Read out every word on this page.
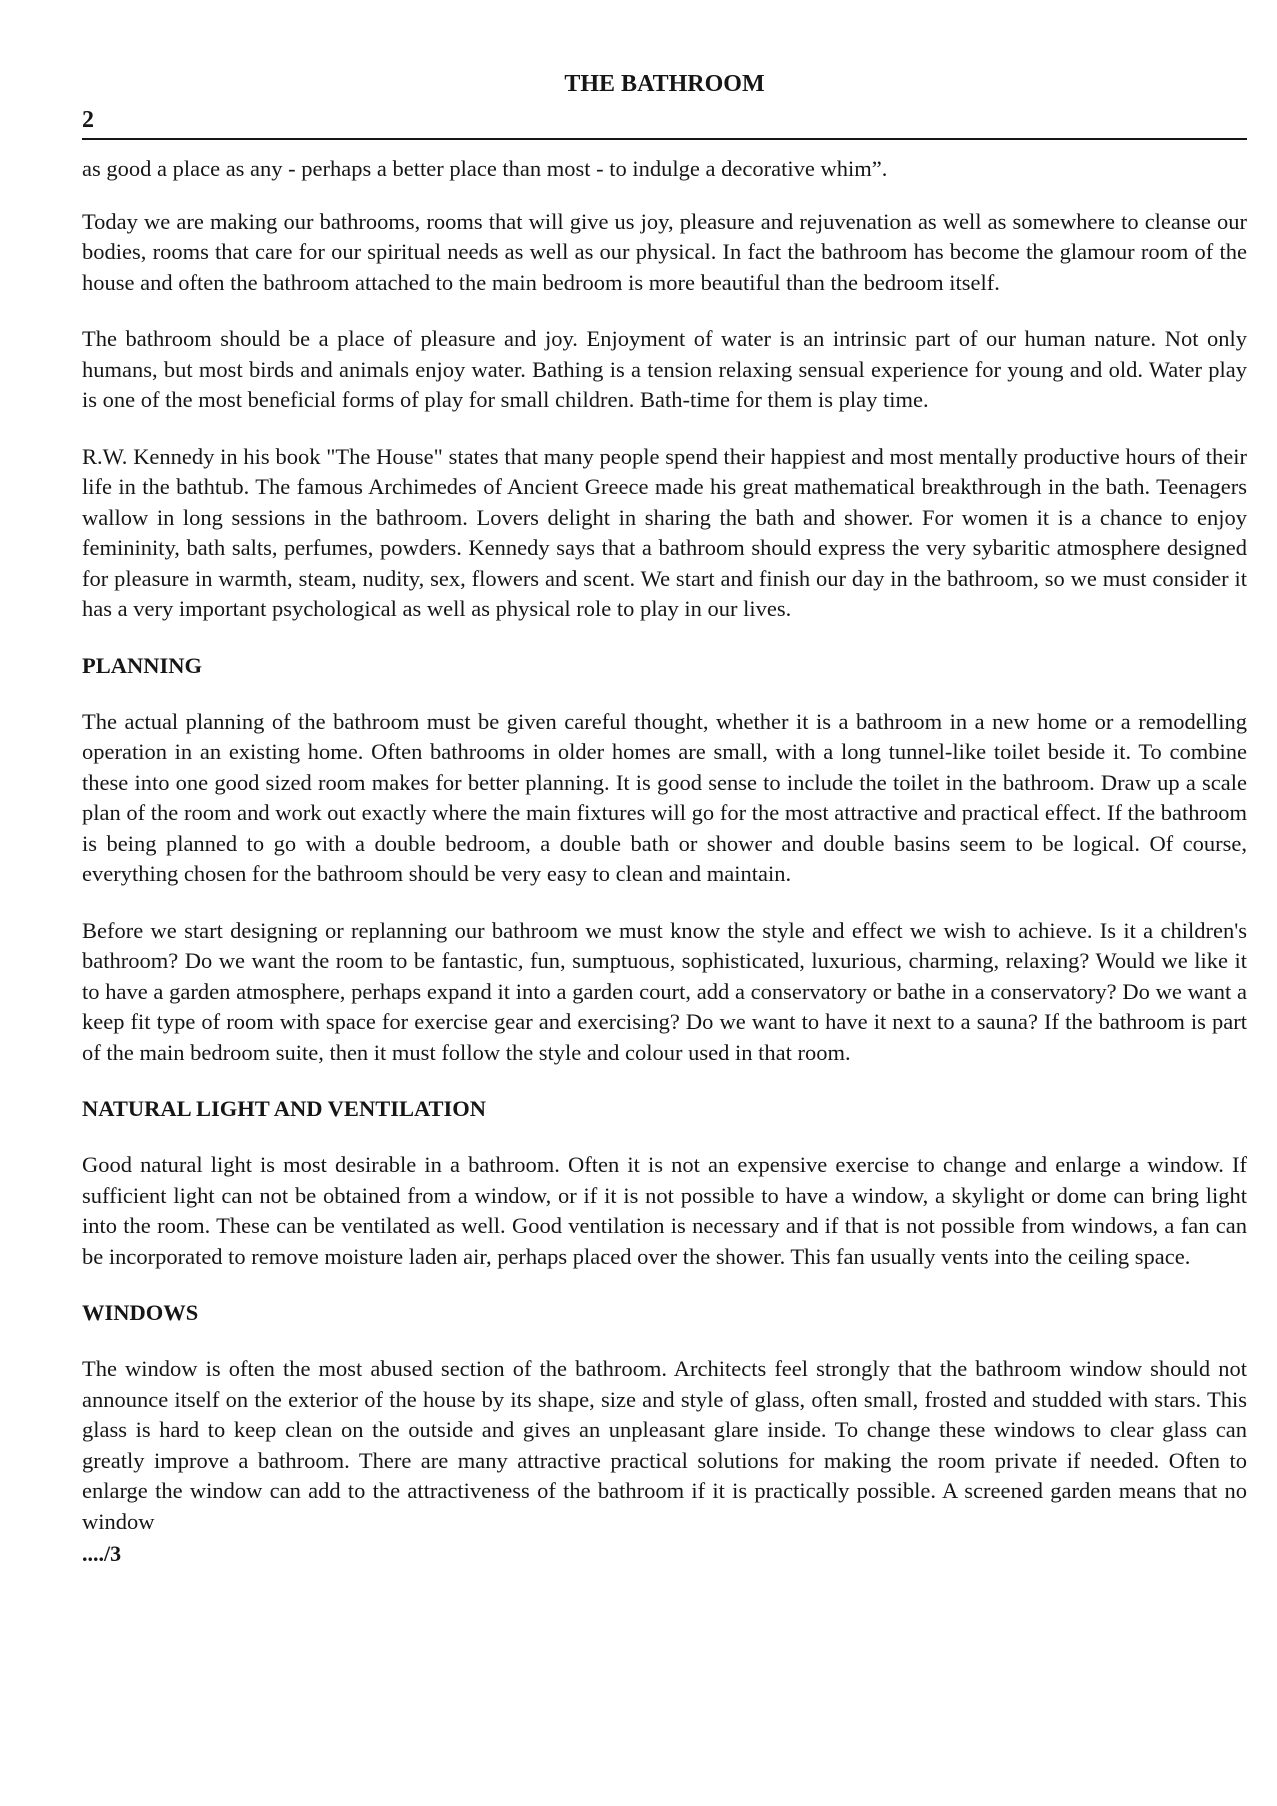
THE BATHROOM
2

as good a place as any - perhaps a better place than most - to indulge a decorative whim”.

Today we are making our bathrooms, rooms that will give us joy, pleasure and rejuvenation as well as somewhere to cleanse our bodies, rooms that care for our spiritual needs as well as our physical. In fact the bathroom has become the glamour room of the house and often the bathroom attached to the main bedroom is more beautiful than the bedroom itself.

The bathroom should be a place of pleasure and joy. Enjoyment of water is an intrinsic part of our human nature. Not only humans, but most birds and animals enjoy water. Bathing is a tension relaxing sensual experience for young and old. Water play is one of the most beneficial forms of play for small children. Bath-time for them is play time.

R.W. Kennedy in his book "The House" states that many people spend their happiest and most mentally productive hours of their life in the bathtub. The famous Archimedes of Ancient Greece made his great mathematical breakthrough in the bath. Teenagers wallow in long sessions in the bathroom. Lovers delight in sharing the bath and shower. For women it is a chance to enjoy femininity, bath salts, perfumes, powders. Kennedy says that a bathroom should express the very sybaritic atmosphere designed for pleasure in warmth, steam, nudity, sex, flowers and scent. We start and finish our day in the bathroom, so we must consider it has a very important psychological as well as physical role to play in our lives.

PLANNING

The actual planning of the bathroom must be given careful thought, whether it is a bathroom in a new home or a remodelling operation in an existing home. Often bathrooms in older homes are small, with a long tunnel-like toilet beside it. To combine these into one good sized room makes for better planning. It is good sense to include the toilet in the bathroom. Draw up a scale plan of the room and work out exactly where the main fixtures will go for the most attractive and practical effect. If the bathroom is being planned to go with a double bedroom, a double bath or shower and double basins seem to be logical. Of course, everything chosen for the bathroom should be very easy to clean and maintain.

Before we start designing or replanning our bathroom we must know the style and effect we wish to achieve. Is it a children's bathroom? Do we want the room to be fantastic, fun, sumptuous, sophisticated, luxurious, charming, relaxing? Would we like it to have a garden atmosphere, perhaps expand it into a garden court, add a conservatory or bathe in a conservatory? Do we want a keep fit type of room with space for exercise gear and exercising? Do we want to have it next to a sauna? If the bathroom is part of the main bedroom suite, then it must follow the style and colour used in that room.

NATURAL LIGHT AND VENTILATION

Good natural light is most desirable in a bathroom. Often it is not an expensive exercise to change and enlarge a window. If sufficient light can not be obtained from a window, or if it is not possible to have a window, a skylight or dome can bring light into the room. These can be ventilated as well. Good ventilation is necessary and if that is not possible from windows, a fan can be incorporated to remove moisture laden air, perhaps placed over the shower. This fan usually vents into the ceiling space.

WINDOWS

The window is often the most abused section of the bathroom. Architects feel strongly that the bathroom window should not announce itself on the exterior of the house by its shape, size and style of glass, often small, frosted and studded with stars. This glass is hard to keep clean on the outside and gives an unpleasant glare inside. To change these windows to clear glass can greatly improve a bathroom. There are many attractive practical solutions for making the room private if needed. Often to enlarge the window can add to the attractiveness of the bathroom if it is practically possible. A screened garden means that no window

..../3
